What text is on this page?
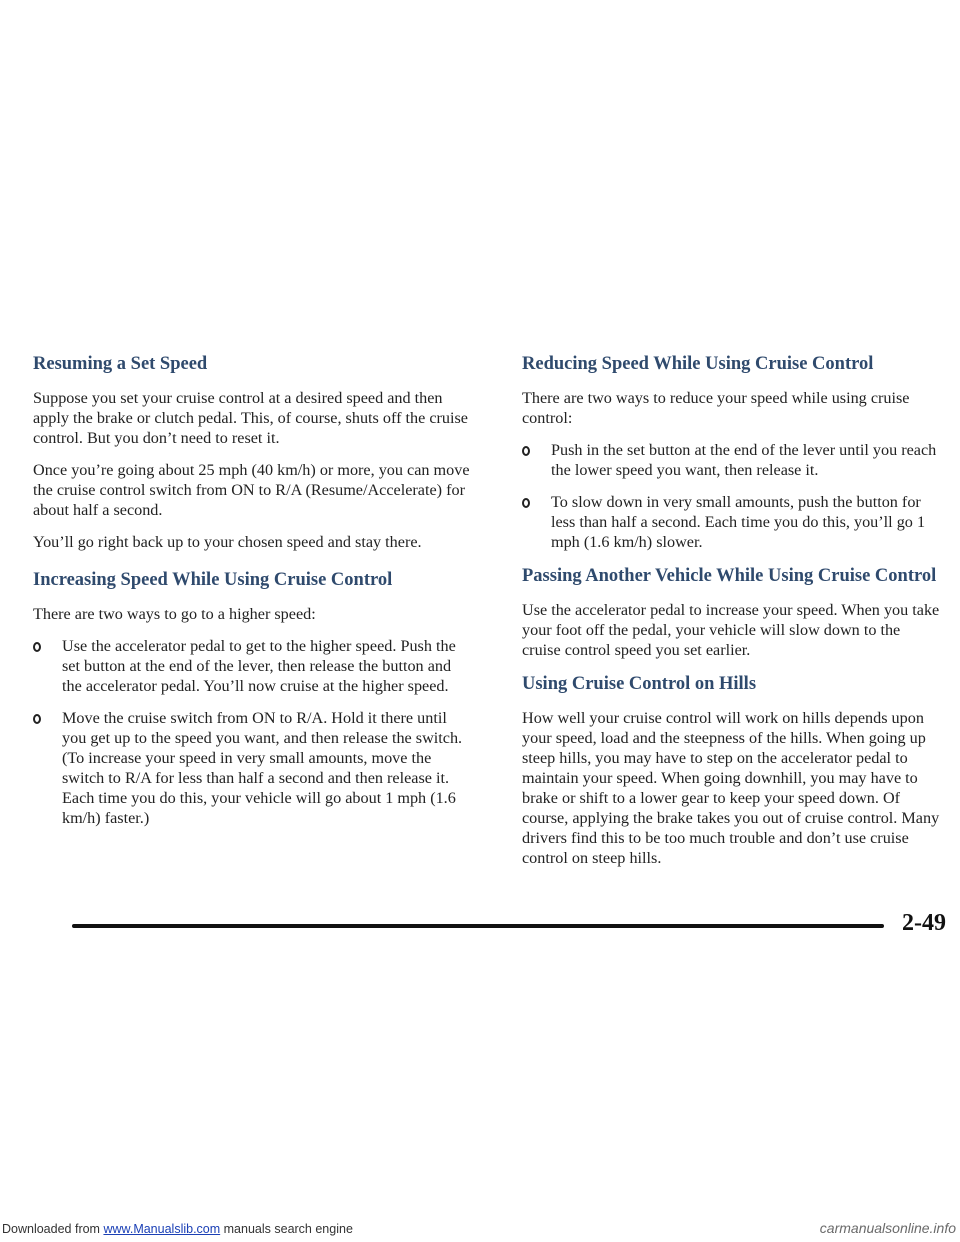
Resuming a Set Speed

Suppose you set your cruise control at a desired speed and then apply the brake or clutch pedal. This, of course, shuts off the cruise control. But you don’t need to reset it.

Once you’re going about 25 mph (40 km/h) or more, you can move the cruise control switch from ON to R/A (Resume/Accelerate) for about half a second.

You’ll go right back up to your chosen speed and stay there.

Increasing Speed While Using Cruise Control

There are two ways to go to a higher speed:

Use the accelerator pedal to get to the higher speed. Push the set button at the end of the lever, then release the button and the accelerator pedal. You’ll now cruise at the higher speed.
Move the cruise switch from ON to R/A. Hold it there until you get up to the speed you want, and then release the switch. (To increase your speed in very small amounts, move the switch to R/A for less than half a second and then release it. Each time you do this, your vehicle will go about 1 mph (1.6 km/h) faster.)
Reducing Speed While Using Cruise Control

There are two ways to reduce your speed while using cruise control:

Push in the set button at the end of the lever until you reach the lower speed you want, then release it.
To slow down in very small amounts, push the button for less than half a second. Each time you do this, you’ll go 1 mph (1.6 km/h) slower.
Passing Another Vehicle While Using Cruise Control

Use the accelerator pedal to increase your speed. When you take your foot off the pedal, your vehicle will slow down to the cruise control speed you set earlier.

Using Cruise Control on Hills

How well your cruise control will work on hills depends upon your speed, load and the steepness of the hills. When going up steep hills, you may have to step on the accelerator pedal to maintain your speed. When going downhill, you may have to brake or shift to a lower gear to keep your speed down. Of course, applying the brake takes you out of cruise control. Many drivers find this to be too much trouble and don’t use cruise control on steep hills.

2-49
Downloaded from www.Manualslib.com manuals search engine	carmanualsonline.info
